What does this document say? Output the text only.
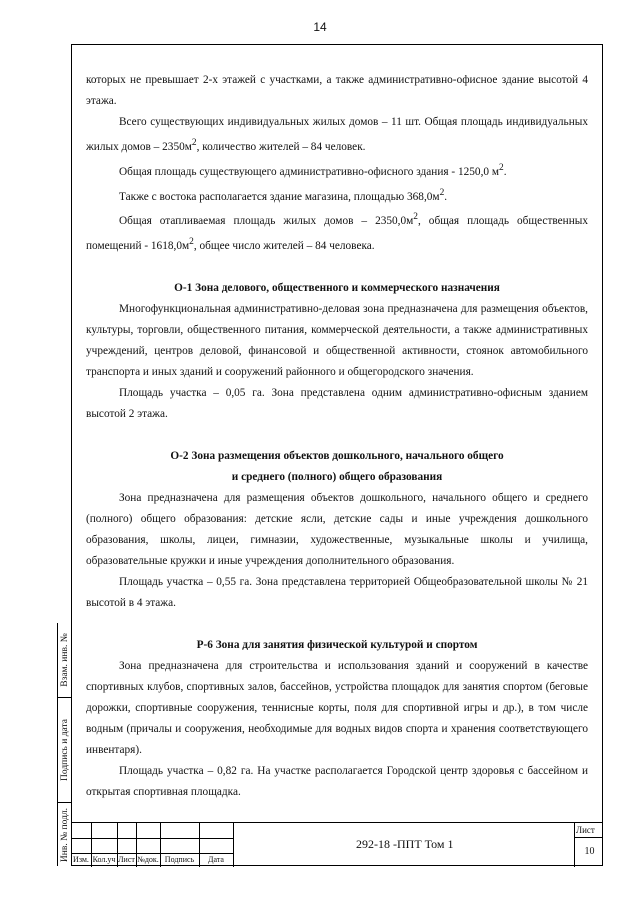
14

которых не превышает 2-х этажей с участками, а также административно-офисное здание высотой 4 этажа.

Всего существующих индивидуальных жилых домов – 11 шт. Общая площадь индивидуальных жилых домов – $2350м^2$, количество жителей – 84 человек.

Общая площадь существующего административно-офисного здания - 1250,0 $м^2$.

Также с востока располагается здание магазина, площадью $368,0м^2$.

Общая отапливаемая площадь жилых домов – $2350,0м^2$, общая площадь общественных помещений - $1618,0м^2$, общее число жителей – 84 человека.

О-1 Зона делового, общественного и коммерческого назначения

Многофункциональная административно-деловая зона предназначена для размещения объектов, культуры, торговли, общественного питания, коммерческой деятельности, а также административных учреждений, центров деловой, финансовой и общественной активности, стоянок автомобильного транспорта и иных зданий и сооружений районного и общегородского значения.

Площадь участка – 0,05 га. Зона представлена одним административно-офисным зданием высотой 2 этажа.

О-2 Зона размещения объектов дошкольного, начального общего

и среднего (полного) общего образования

Зона предназначена для размещения объектов дошкольного, начального общего и среднего (полного) общего образования: детские ясли, детские сады и иные учреждения дошкольного образования, школы, лицеи, гимназии, художественные, музыкальные школы и училища, образовательные кружки и иные учреждения дополнительного образования.

Площадь участка – 0,55 га. Зона представлена территорией Общеобразовательной школы № 21 высотой в 4 этажа.

Р-6 Зона для занятия физической культурой и спортом

Зона предназначена для строительства и использования зданий и сооружений в качестве спортивных клубов, спортивных залов, бассейнов, устройства площадок для занятия спортом (беговые дорожки, спортивные сооружения, теннисные корты, поля для спортивной игры и др.), в том числе водным (причалы и сооружения, необходимые для водных видов спорта и хранения соответствующего инвентаря).

Площадь участка – 0,82 га. На участке располагается Городской центр здоровья с бассейном и открытая спортивная площадка.

Взам. инв. №
Подпись и дата
Инв. № подл. Изм. Кол.уч Лист №док. Подпись	Дата
292-18 -ППТ Том 1
Лист
10
